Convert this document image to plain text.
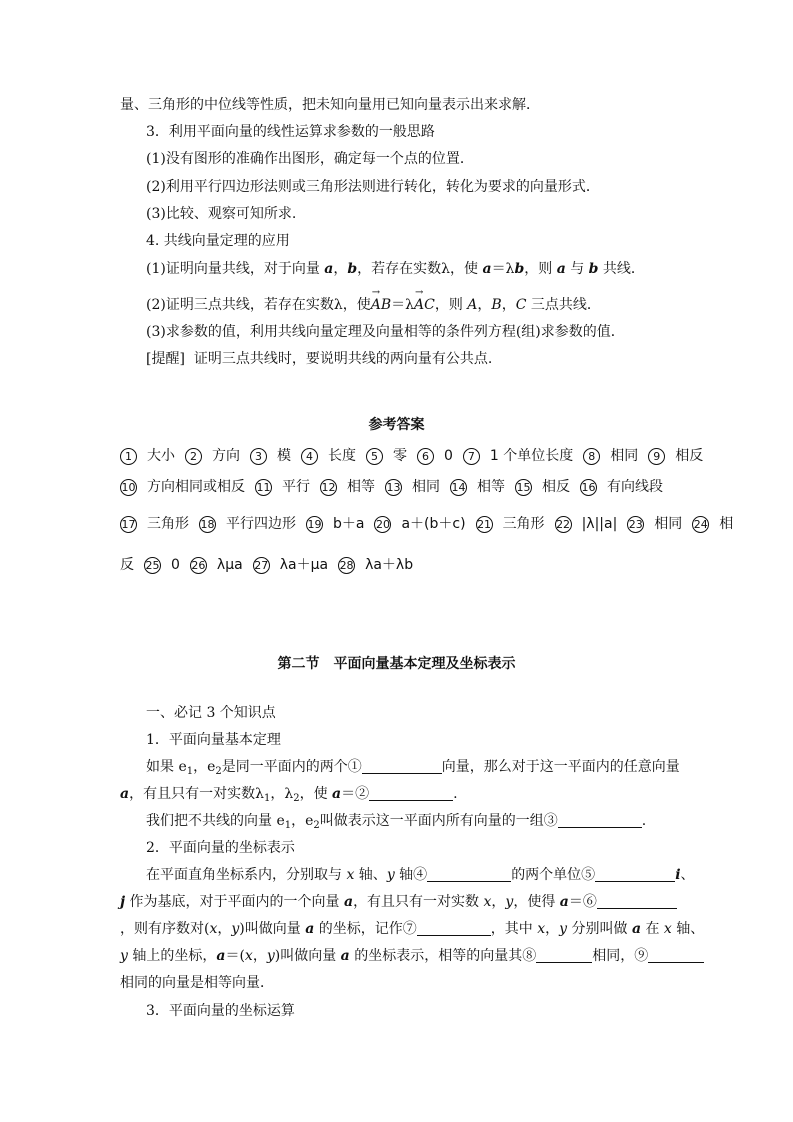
量、三角形的中位线等性质，把未知向量用已知向量表示出来求解．
3．利用平面向量的线性运算求参数的一般思路
(1)没有图形的准确作出图形，确定每一个点的位置．
(2)利用平行四边形法则或三角形法则进行转化，转化为要求的向量形式．
(3)比较、观察可知所求.
4. 共线向量定理的应用
(1)证明向量共线，对于向量 a，b，若存在实数λ，使 a＝λb，则 a 与 b 共线．
(2)证明三点共线，若存在实数λ，使→ AB＝λ→ AC，则 A，B，C 三点共线．
(3)求参数的值，利用共线向量定理及向量相等的条件列方程(组)求参数的值．
[提醒] 证明三点共线时，要说明共线的两向量有公共点.
参考答案
1 大小 2 方向 3 模 4 长度 5 零 6 0 7 1 个单位长度 8 相同 9 相反
10 方向相同或相反 11 平行 12 相等 13 相同 14 相等 15 相反 16 有向线段
17 三角形 18 平行四边形 19 b＋a 20 a＋(b＋c) 21 三角形 22 |λ||a| 23 相同 24 相
反 25 0 26 λμa 27 λa＋μa 28 λa＋λb
第二节　平面向量基本定理及坐标表示
一、必记 3 个知识点
1．平面向量基本定理
如果 $e_1$，$e_2$是同一平面内的两个①	向量，那么对于这一平面内的任意向量
a，有且只有一对实数$\lambda_1$，$\lambda_2$，使 a＝②	.
我们把不共线的向量 $e_1$，$e_2$叫做表示这一平面内所有向量的一组③	.
2．平面向量的坐标表示
在平面直角坐标系内，分别取与 x 轴、y 轴④	的两个单位⑤	i、
j 作为基底，对于平面内的一个向量 a，有且只有一对实数 x，y，使得 a＝⑥
，则有序数对(x，y)叫做向量 a 的坐标，记作⑦	，其中 x，y 分别叫做 a 在 x 轴、
y 轴上的坐标，a＝(x，y)叫做向量 a 的坐标表示，相等的向量其⑧	相同，⑨
相同的向量是相等向量．
3．平面向量的坐标运算
